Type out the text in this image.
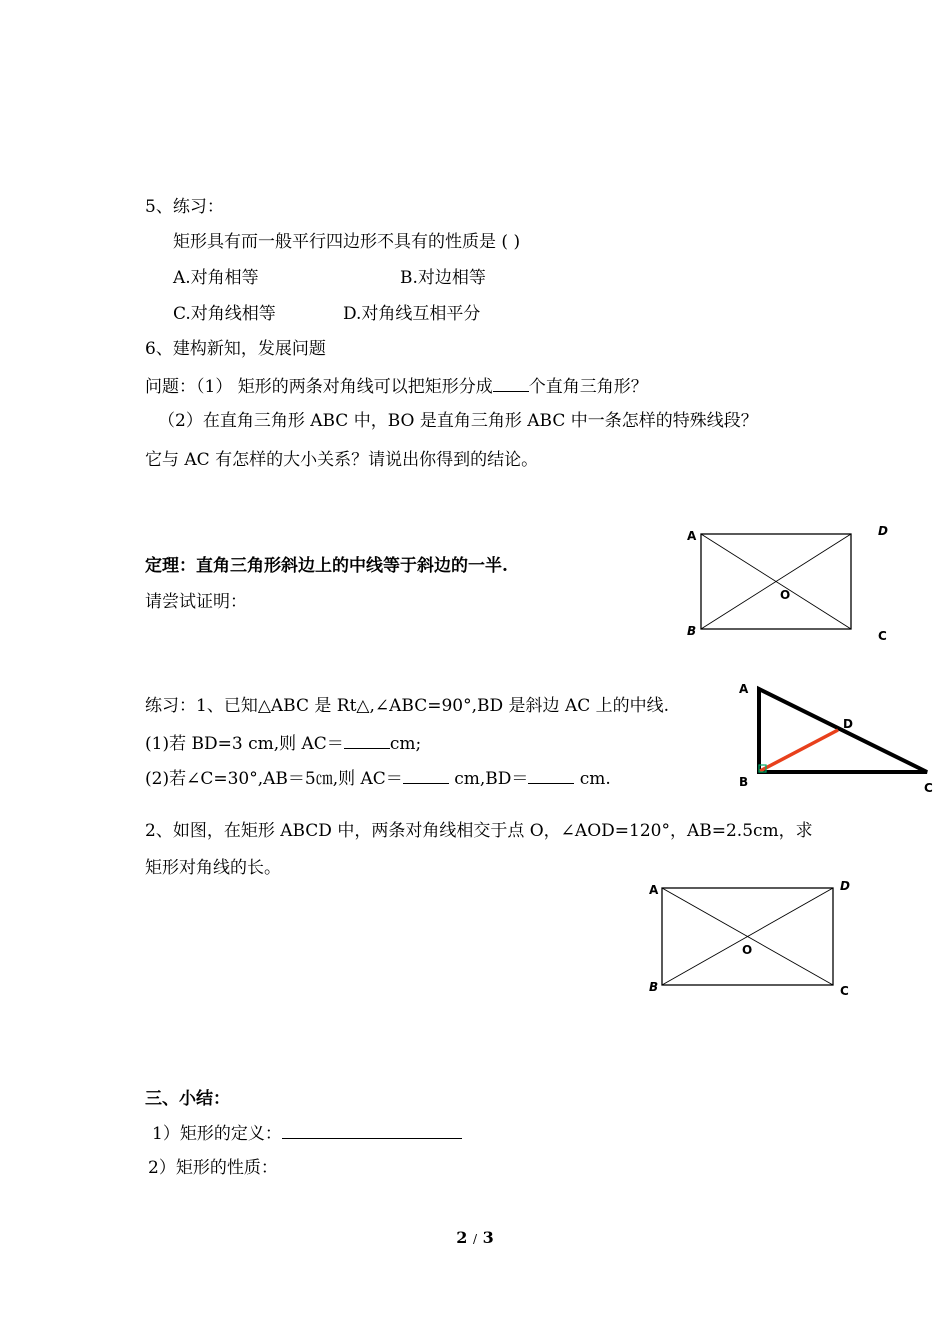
5、练习：
矩形具有而一般平行四边形不具有的性质是 ( )
A.对角相等	B.对边相等
C.对角线相等	D.对角线互相平分
6、建构新知，发展问题
问题：（1） 矩形的两条对角线可以把矩形分成 个直角三角形？
（2）在直角三角形 ABC 中，BO 是直角三角形 ABC 中一条怎样的特殊线段？
它与 AC 有怎样的大小关系？请说出你得到的结论。
定理：直角三角形斜边上的中线等于斜边的一半.
请尝试证明：
A
B	C
D
O
练习：1、已知△ABC 是 Rt△,∠ABC=90°,BD 是斜边 AC 上的中线.
(1)若 BD=3 cm,则 AC＝	cm;
(2)若∠C=30°,AB＝5㎝,则 AC＝	cm,BD＝	cm.
A
B	C
D
2、如图，在矩形 ABCD 中，两条对角线相交于点 O，∠AOD=120°，AB=2.5cm，求
矩形对角线的长。
A
B	C
D
O
三、小结：
1）矩形的定义：
2）矩形的性质：
2 / 3
